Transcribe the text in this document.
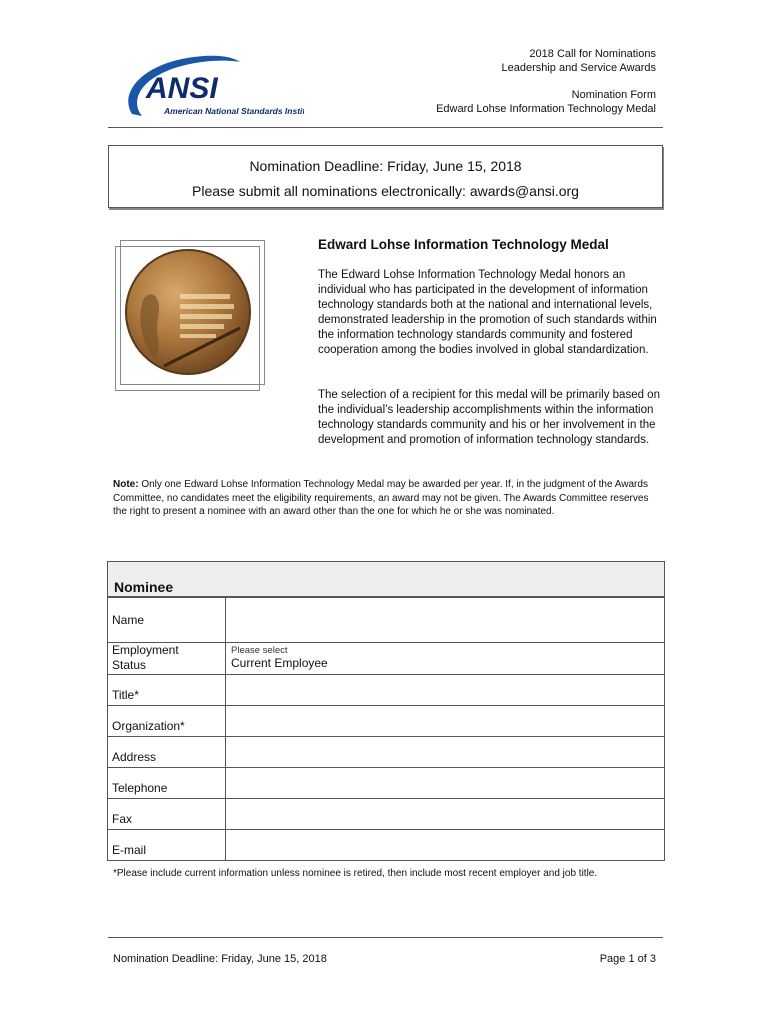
ANSI
American National Standards Institute
2018 Call for Nominations
Leadership and Service Awards
Nomination Form
Edward Lohse Information Technology Medal
Nomination Deadline: Friday, June 15, 2018
Please submit all nominations electronically: awards@ansi.org
Edward Lohse Information Technology Medal
The Edward Lohse Information Technology Medal honors an individual who has participated in the development of information technology standards both at the national and international levels, demonstrated leadership in the promotion of such standards within the information technology standards community and fostered cooperation among the bodies involved in global standardization.
The selection of a recipient for this medal will be primarily based on the individual’s leadership accomplishments within the information technology standards community and his or her involvement in the development and promotion of information technology standards.
Note: Only one Edward Lohse Information Technology Medal may be awarded per year. If, in the judgment of the Awards Committee, no candidates meet the eligibility requirements, an award may not be given. The Awards Committee reserves the right to present a nominee with an award other than the one for which he or she was nominated.
Nominee
Name
Employment Status
Please select
Current Employee
Title*
Organization*
Address
Telephone
Fax
E-mail
*Please include current information unless nominee is retired, then include most recent employer and job title.
Nomination Deadline: Friday, June 15, 2018	Page 1 of 3
